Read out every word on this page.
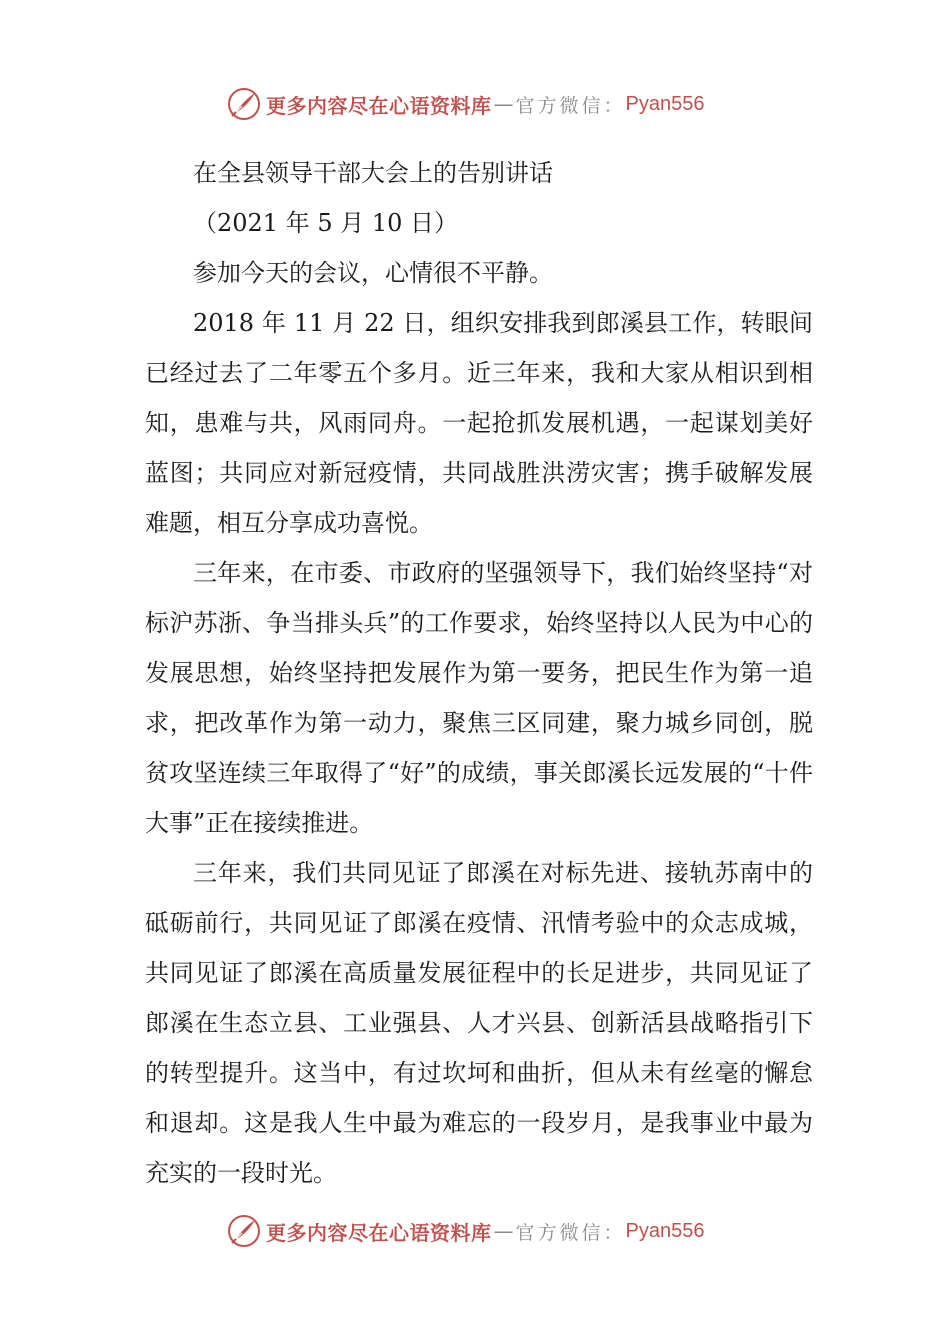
更多内容尽在心语资料库 — 官方微信： Pyan556

在全县领导干部大会上的告别讲话

（2021 年 5 月 10 日）

参加今天的会议，心情很不平静。

2018 年 11 月 22 日，组织安排我到郎溪县工作，转眼间已经过去了二年零五个多月。近三年来，我和大家从相识到相知，患难与共，风雨同舟。一起抢抓发展机遇，一起谋划美好蓝图；共同应对新冠疫情，共同战胜洪涝灾害；携手破解发展难题，相互分享成功喜悦。

三年来，在市委、市政府的坚强领导下，我们始终坚持“对标沪苏浙、争当排头兵”的工作要求，始终坚持以人民为中心的发展思想，始终坚持把发展作为第一要务，把民生作为第一追求，把改革作为第一动力，聚焦三区同建，聚力城乡同创，脱贫攻坚连续三年取得了“好”的成绩，事关郎溪长远发展的“十件大事”正在接续推进。

三年来，我们共同见证了郎溪在对标先进、接轨苏南中的砥砺前行，共同见证了郎溪在疫情、汛情考验中的众志成城，共同见证了郎溪在高质量发展征程中的长足进步，共同见证了郎溪在生态立县、工业强县、人才兴县、创新活县战略指引下的转型提升。这当中，有过坎坷和曲折，但从未有丝毫的懈怠和退却。这是我人生中最为难忘的一段岁月，是我事业中最为充实的一段时光。

更多内容尽在心语资料库 — 官方微信： Pyan556
